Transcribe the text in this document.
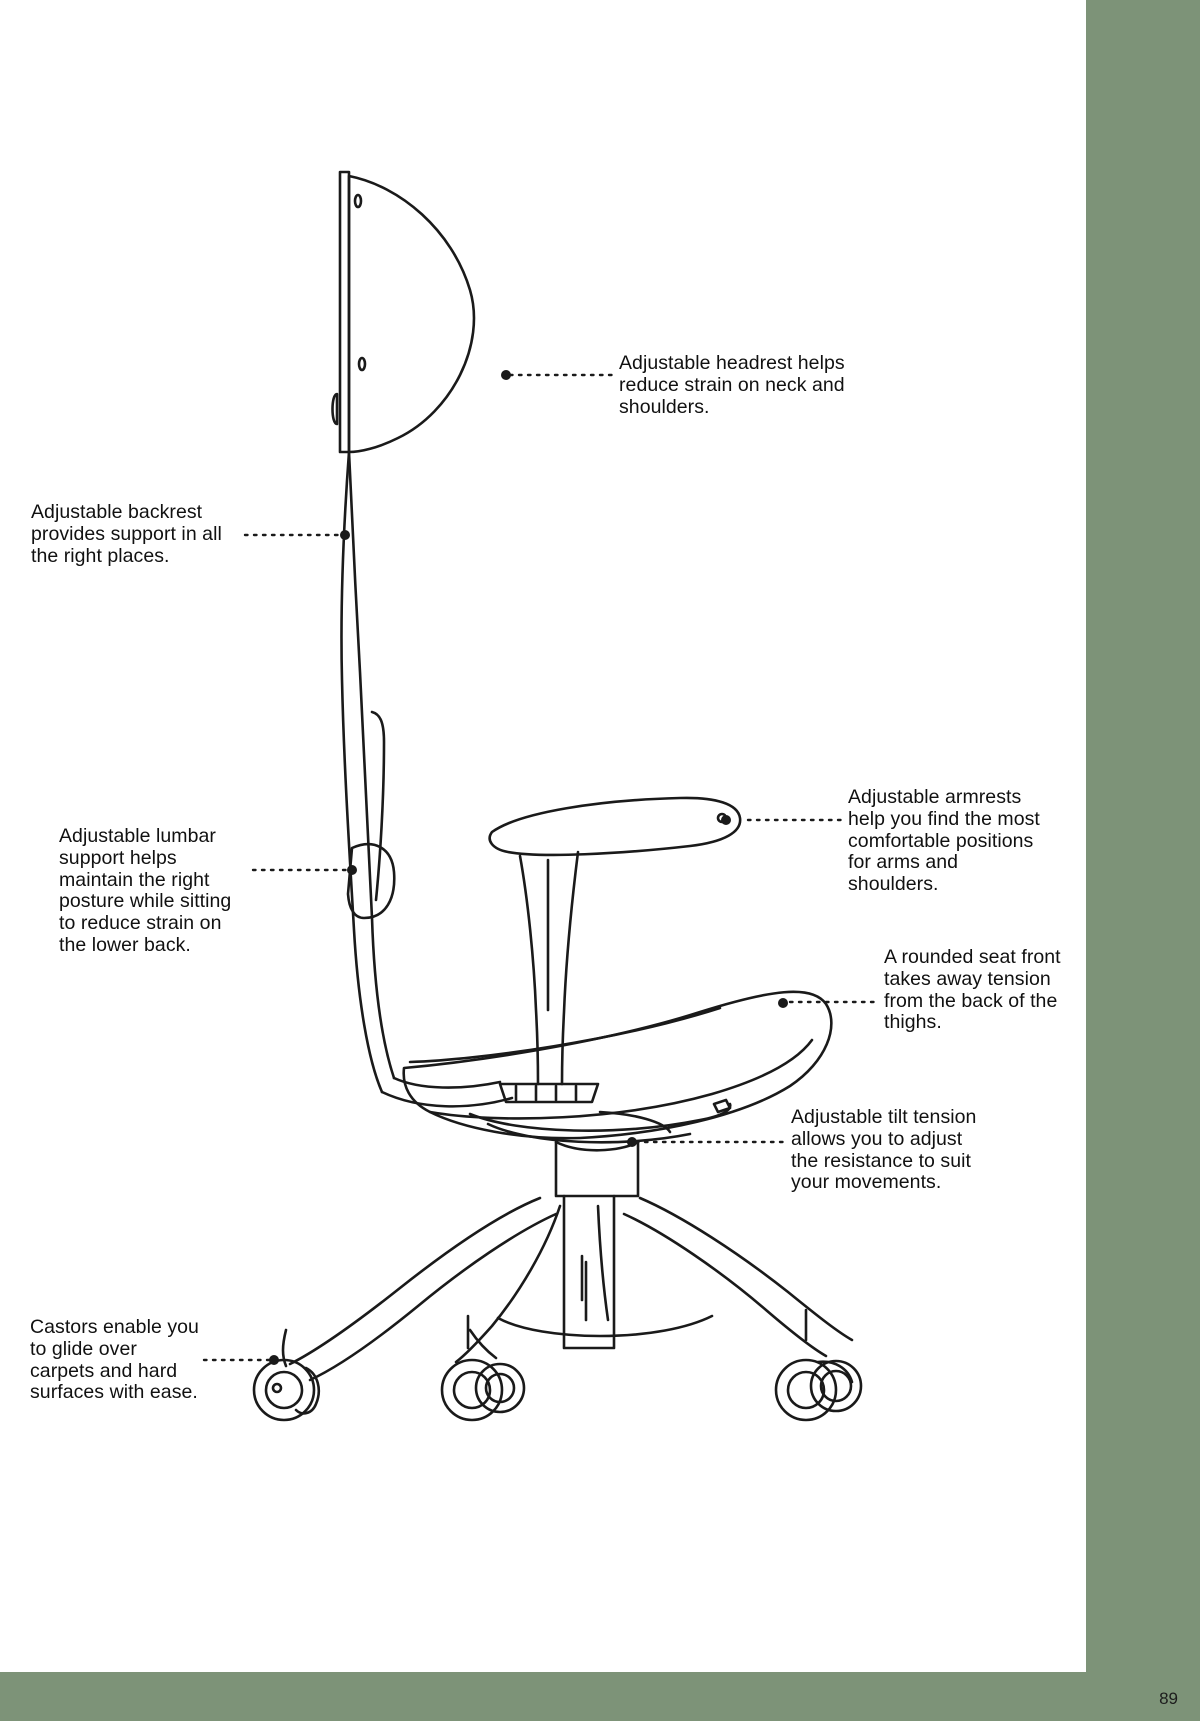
Adjustable headrest helps reduce strain on neck and shoulders.

Adjustable backrest provides support in all the right places.

Adjustable lumbar support helps maintain the right posture while sitting to reduce strain on the lower back.

Adjustable armrests help you find the most comfortable positions for arms and shoulders.

A rounded seat front takes away tension from the back of the thighs.

Adjustable tilt tension allows you to adjust the resistance to suit your movements.

Castors enable you to glide over carpets and hard surfaces with ease.

89
